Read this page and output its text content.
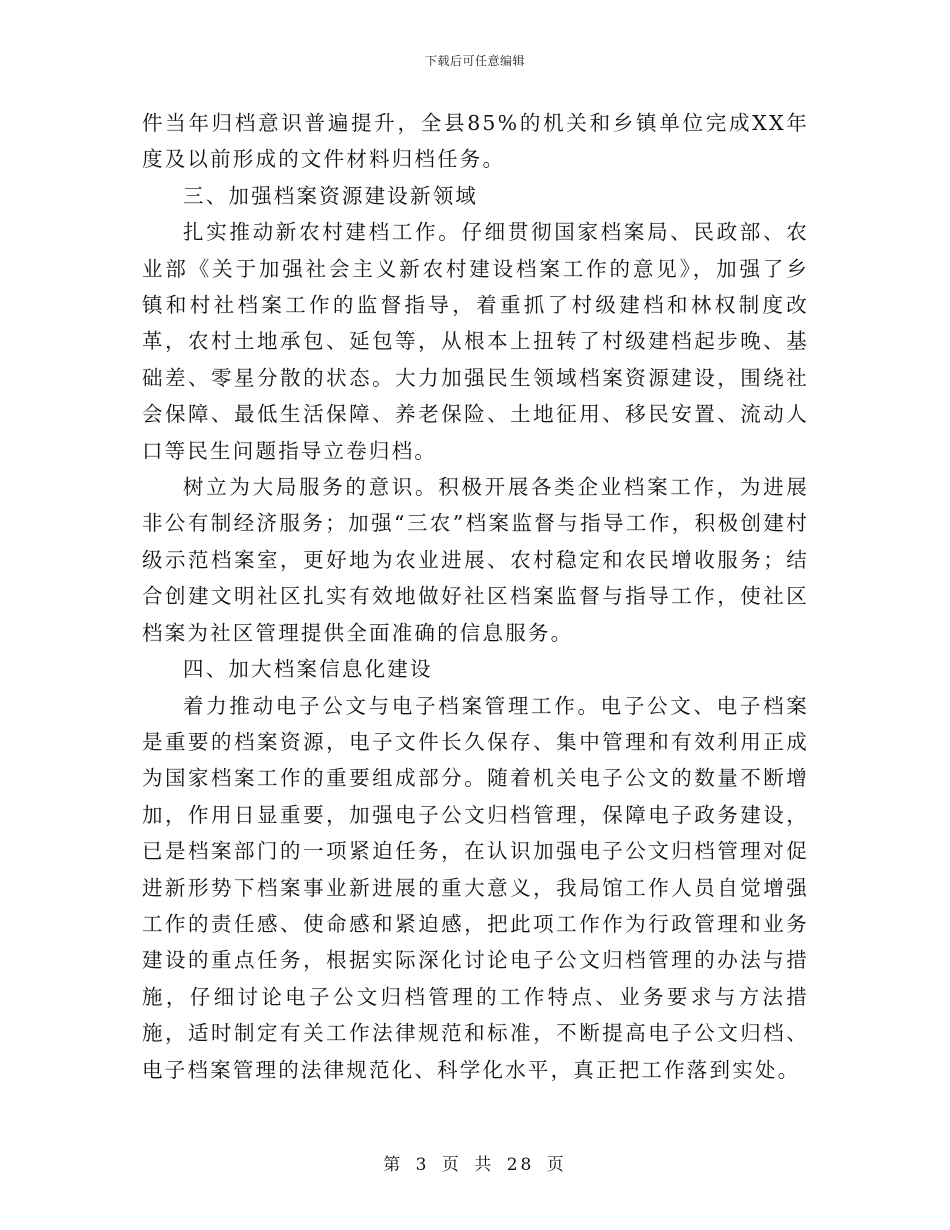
下载后可任意编辑

件当年归档意识普遍提升，全县85%的机关和乡镇单位完成XX年度及以前形成的文件材料归档任务。

三、加强档案资源建设新领域

扎实推动新农村建档工作。仔细贯彻国家档案局、民政部、农业部《关于加强社会主义新农村建设档案工作的意见》，加强了乡镇和村社档案工作的监督指导，着重抓了村级建档和林权制度改革，农村土地承包、延包等，从根本上扭转了村级建档起步晚、基础差、零星分散的状态。大力加强民生领域档案资源建设，围绕社会保障、最低生活保障、养老保险、土地征用、移民安置、流动人口等民生问题指导立卷归档。

树立为大局服务的意识。积极开展各类企业档案工作，为进展非公有制经济服务；加强“三农”档案监督与指导工作，积极创建村级示范档案室，更好地为农业进展、农村稳定和农民增收服务；结合创建文明社区扎实有效地做好社区档案监督与指导工作，使社区档案为社区管理提供全面准确的信息服务。

四、加大档案信息化建设

着力推动电子公文与电子档案管理工作。电子公文、电子档案是重要的档案资源，电子文件长久保存、集中管理和有效利用正成为国家档案工作的重要组成部分。随着机关电子公文的数量不断增加，作用日显重要，加强电子公文归档管理，保障电子政务建设，已是档案部门的一项紧迫任务，在认识加强电子公文归档管理对促进新形势下档案事业新进展的重大意义，我局馆工作人员自觉增强工作的责任感、使命感和紧迫感，把此项工作作为行政管理和业务建设的重点任务，根据实际深化讨论电子公文归档管理的办法与措施，仔细讨论电子公文归档管理的工作特点、业务要求与方法措施，适时制定有关工作法律规范和标准，不断提高电子公文归档、电子档案管理的法律规范化、科学化水平，真正把工作落到实处。

第 3 页 共 28 页
